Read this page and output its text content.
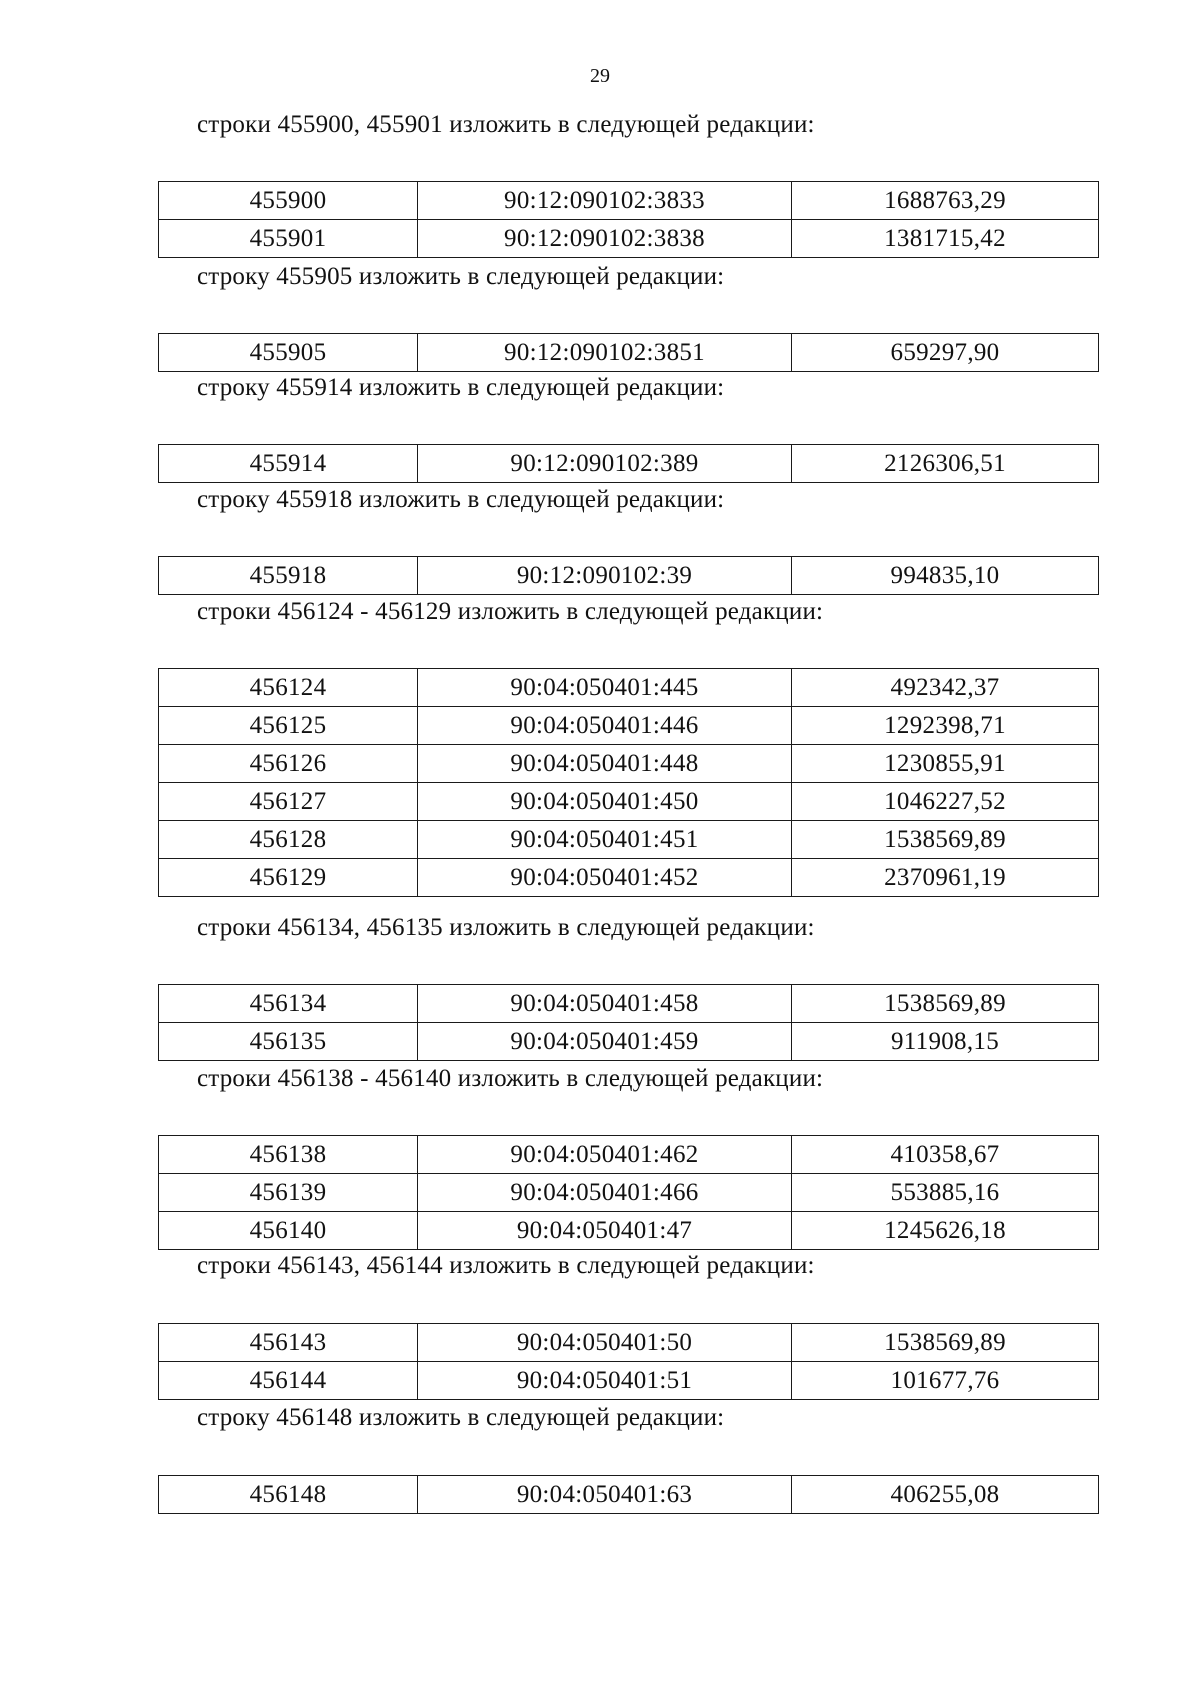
29
строки 455900, 455901 изложить в следующей редакции:
455900	90:12:090102:3833	1688763,29
455901	90:12:090102:3838	1381715,42
строку 455905 изложить в следующей редакции:
455905	90:12:090102:3851	659297,90
строку 455914 изложить в следующей редакции:
455914	90:12:090102:389	2126306,51
строку 455918 изложить в следующей редакции:
455918	90:12:090102:39	994835,10
строки 456124 - 456129 изложить в следующей редакции:
456124	90:04:050401:445	492342,37
456125	90:04:050401:446	1292398,71
456126	90:04:050401:448	1230855,91
456127	90:04:050401:450	1046227,52
456128	90:04:050401:451	1538569,89
456129	90:04:050401:452	2370961,19
строки 456134, 456135 изложить в следующей редакции:
456134	90:04:050401:458	1538569,89
456135	90:04:050401:459	911908,15
строки 456138 - 456140 изложить в следующей редакции:
456138	90:04:050401:462	410358,67
456139	90:04:050401:466	553885,16
456140	90:04:050401:47	1245626,18
строки 456143, 456144 изложить в следующей редакции:
456143	90:04:050401:50	1538569,89
456144	90:04:050401:51	101677,76
строку 456148 изложить в следующей редакции:
456148	90:04:050401:63	406255,08
